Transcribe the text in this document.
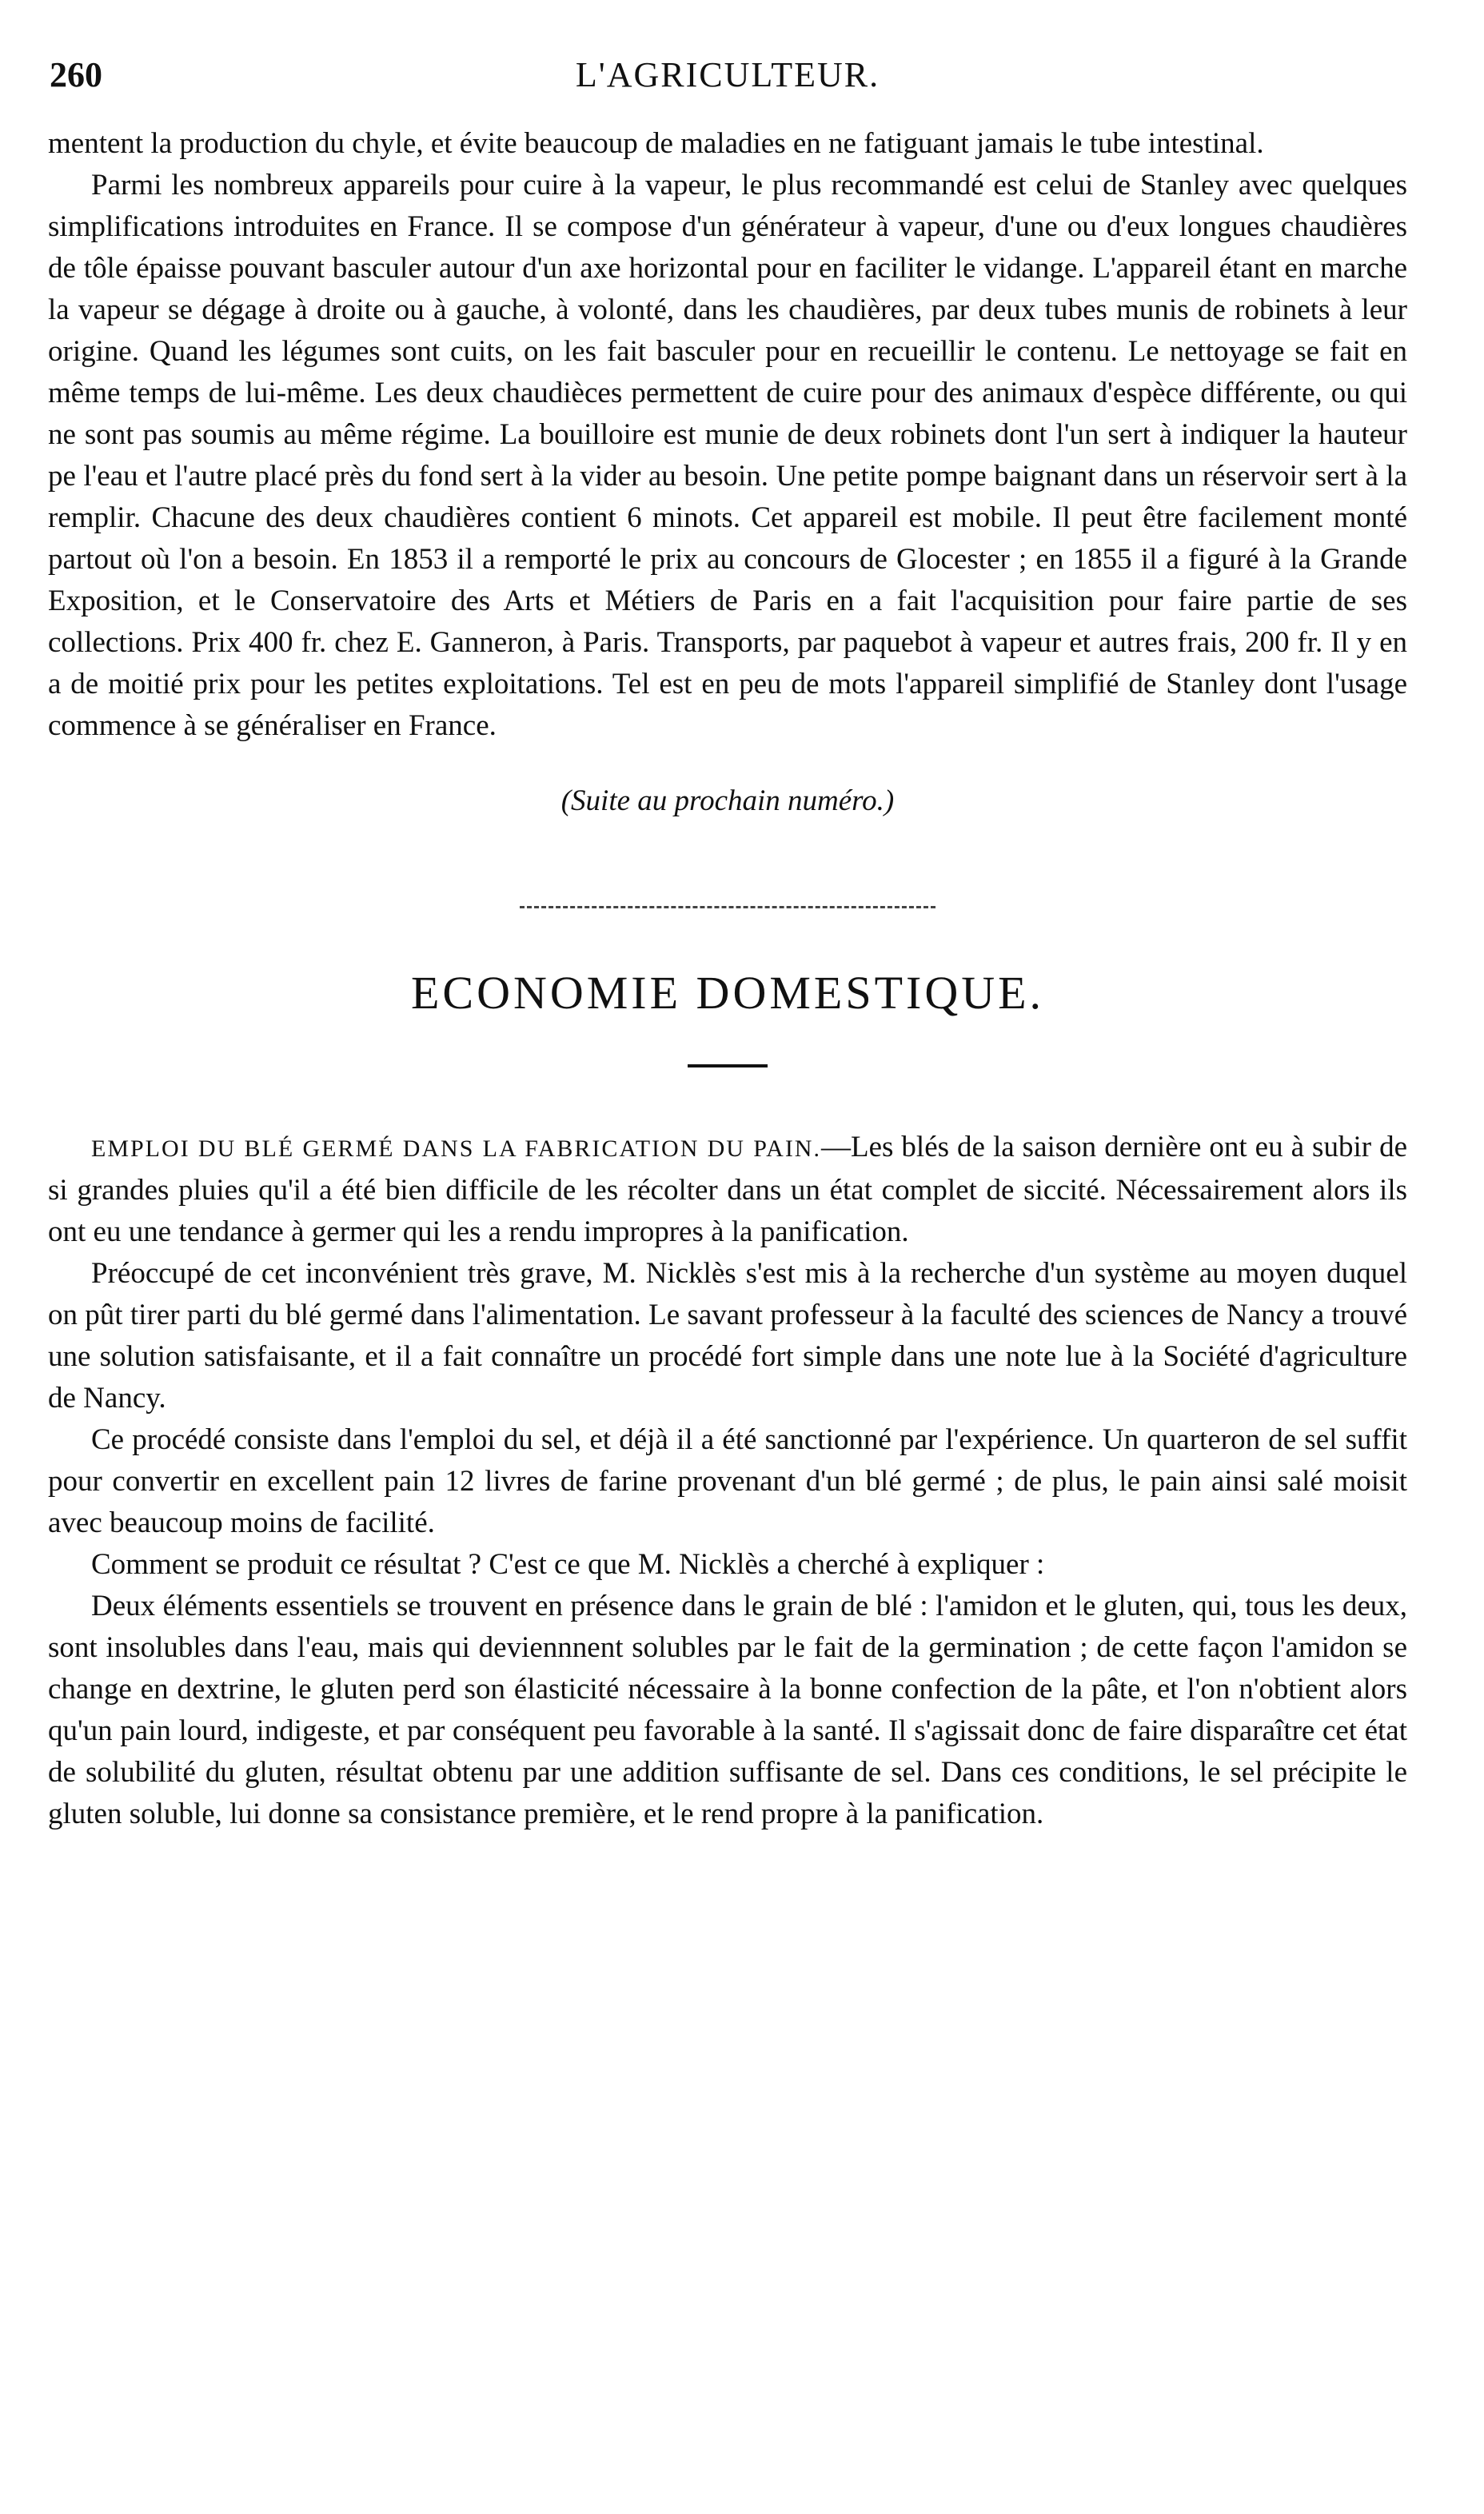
260	L'AGRICULTEUR.

mentent la production du chyle, et évite beaucoup de maladies en ne fatiguant jamais le tube intestinal.

Parmi les nombreux appareils pour cuire à la vapeur, le plus recommandé est celui de Stanley avec quelques simplifications introduites en France. Il se compose d'un générateur à vapeur, d'une ou d'eux longues chaudières de tôle épaisse pouvant basculer autour d'un axe horizontal pour en faciliter le vidange. L'appareil étant en marche la vapeur se dégage à droite ou à gauche, à volonté, dans les chaudières, par deux tubes munis de robinets à leur origine. Quand les légumes sont cuits, on les fait basculer pour en recueillir le contenu. Le nettoyage se fait en même temps de lui-même. Les deux chaudièces permettent de cuire pour des animaux d'espèce différente, ou qui ne sont pas soumis au même régime. La bouilloire est munie de deux robinets dont l'un sert à indiquer la hauteur pe l'eau et l'autre placé près du fond sert à la vider au besoin. Une petite pompe baignant dans un réservoir sert à la remplir. Chacune des deux chaudières contient 6 minots. Cet appareil est mobile. Il peut être facilement monté partout où l'on a besoin. En 1853 il a remporté le prix au concours de Glocester ; en 1855 il a figuré à la Grande Exposition, et le Conservatoire des Arts et Métiers de Paris en a fait l'acquisition pour faire partie de ses collections. Prix 400 fr. chez E. Ganneron, à Paris. Transports, par paquebot à vapeur et autres frais, 200 fr. Il y en a de moitié prix pour les petites exploitations. Tel est en peu de mots l'appareil simplifié de Stanley dont l'usage commence à se généraliser en France.

(Suite au prochain numéro.)
ECONOMIE DOMESTIQUE.

EMPLOI DU BLÉ GERMÉ DANS LA FABRICATION DU PAIN.—Les blés de la saison dernière ont eu à subir de si grandes pluies qu'il a été bien difficile de les récolter dans un état complet de siccité. Nécessairement alors ils ont eu une tendance à germer qui les a rendu impropres à la panification.

Préoccupé de cet inconvénient très grave, M. Nicklès s'est mis à la recherche d'un système au moyen duquel on pût tirer parti du blé germé dans l'alimentation. Le savant professeur à la faculté des sciences de Nancy a trouvé une solution satisfaisante, et il a fait connaître un procédé fort simple dans une note lue à la Société d'agriculture de Nancy.

Ce procédé consiste dans l'emploi du sel, et déjà il a été sanctionné par l'expérience. Un quarteron de sel suffit pour convertir en excellent pain 12 livres de farine provenant d'un blé germé ; de plus, le pain ainsi salé moisit avec beaucoup moins de facilité.

Comment se produit ce résultat ? C'est ce que M. Nicklès a cherché à expliquer :

Deux éléments essentiels se trouvent en présence dans le grain de blé : l'amidon et le gluten, qui, tous les deux, sont insolubles dans l'eau, mais qui deviennnent solubles par le fait de la germination ; de cette façon l'amidon se change en dextrine, le gluten perd son élasticité nécessaire à la bonne confection de la pâte, et l'on n'obtient alors qu'un pain lourd, indigeste, et par conséquent peu favorable à la santé. Il s'agissait donc de faire disparaître cet état de solubilité du gluten, résultat obtenu par une addition suffisante de sel. Dans ces conditions, le sel précipite le gluten soluble, lui donne sa consistance première, et le rend propre à la panification.
